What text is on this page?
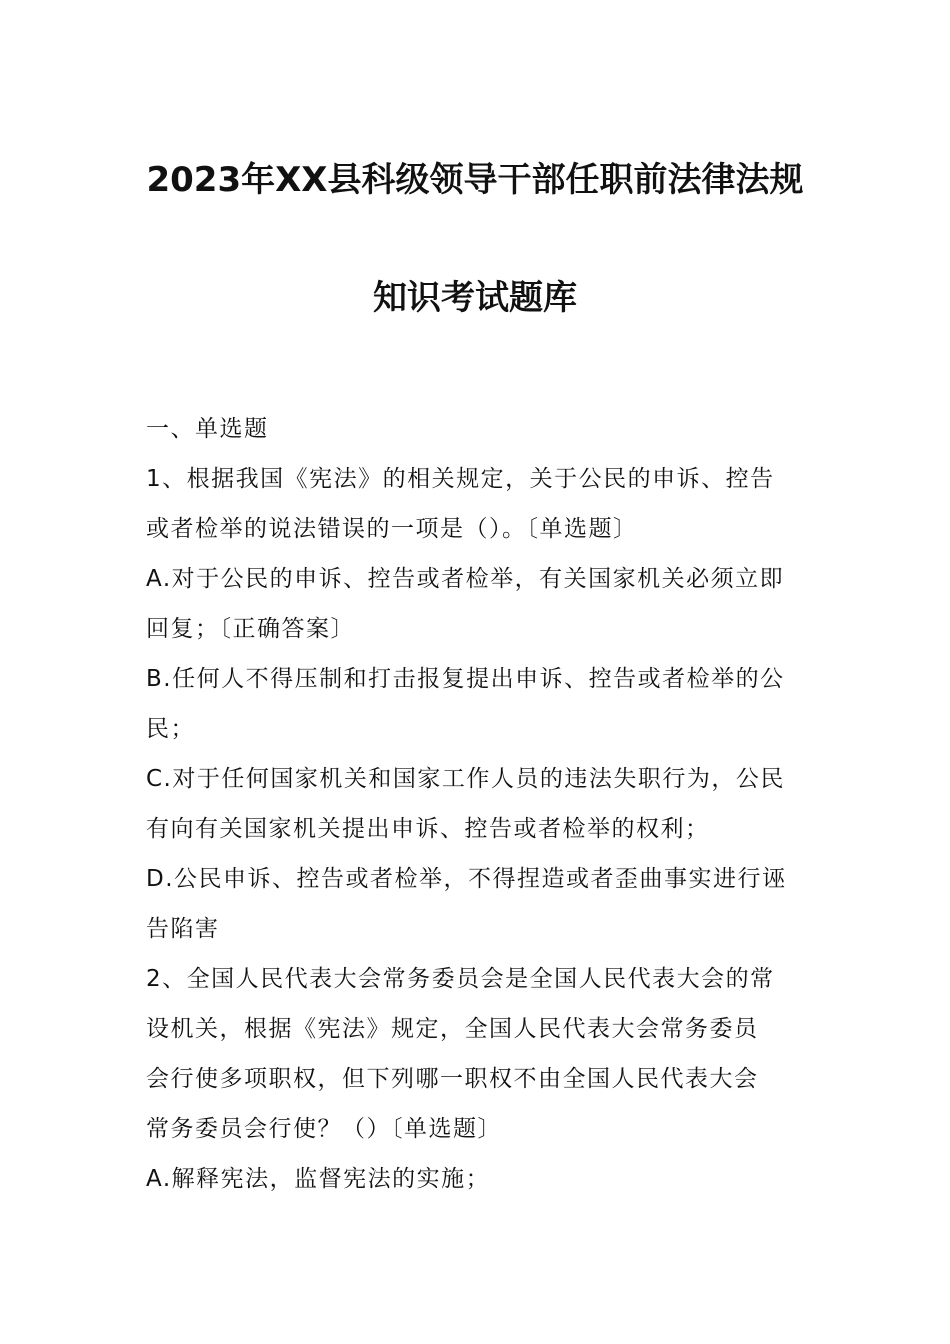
2023年XX县科级领导干部任职前法律法规
知识考试题库
一、单选题
1、根据我国《宪法》的相关规定，关于公民的申诉、控告
或者检举的说法错误的一项是（）。〔单选题〕
A.对于公民的申诉、控告或者检举，有关国家机关必须立即
回复；〔正确答案〕
B.任何人不得压制和打击报复提出申诉、控告或者检举的公
民；
C.对于任何国家机关和国家工作人员的违法失职行为，公民
有向有关国家机关提出申诉、控告或者检举的权利；
D.公民申诉、控告或者检举，不得捏造或者歪曲事实进行诬
告陷害
2、全国人民代表大会常务委员会是全国人民代表大会的常
设机关，根据《宪法》规定，全国人民代表大会常务委员
会行使多项职权，但下列哪一职权不由全国人民代表大会
常务委员会行使？（）〔单选题〕
A.解释宪法，监督宪法的实施；
